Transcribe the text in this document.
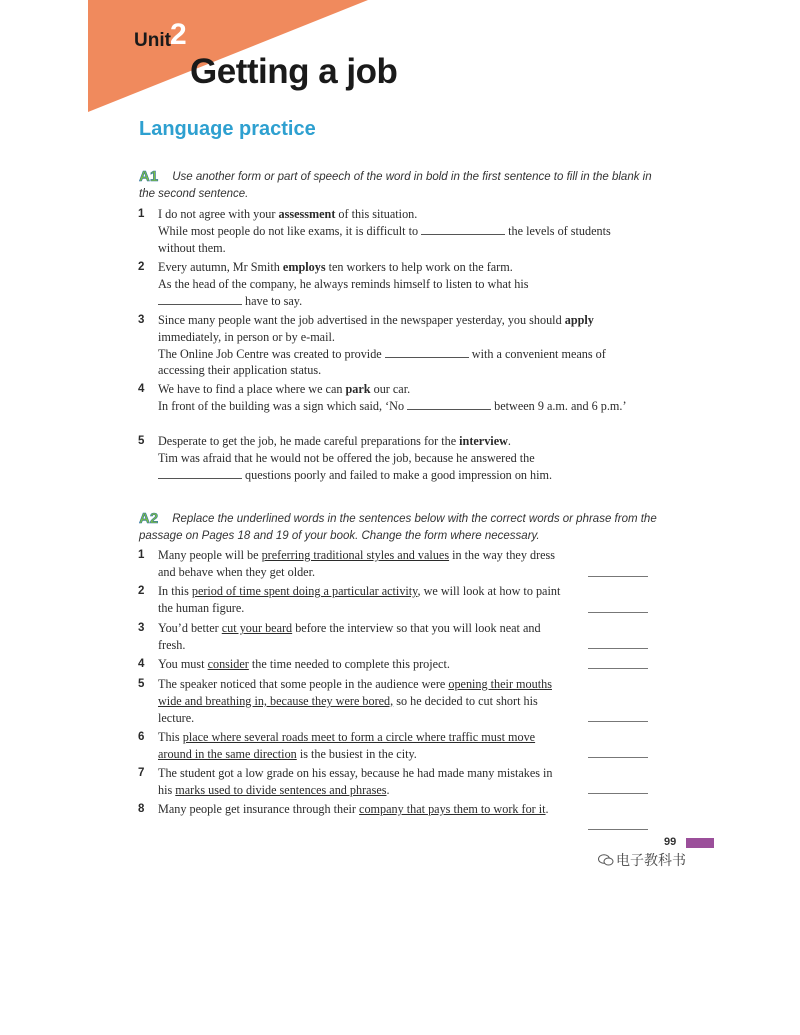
Unit 2
Getting a job
Language practice
A1 Use another form or part of speech of the word in bold in the first sentence to fill in the blank in the second sentence.
1 I do not agree with your assessment of this situation.
While most people do not like exams, it is difficult to	the levels of students without them.
2 Every autumn, Mr Smith employs ten workers to help work on the farm.
As the head of the company, he always reminds himself to listen to what his
have to say.
3 Since many people want the job advertised in the newspaper yesterday, you should apply immediately, in person or by e-mail.
The Online Job Centre was created to provide	with a convenient means of accessing their application status.
4 We have to find a place where we can park our car.
In front of the building was a sign which said, ‘No	between 9 a.m. and 6 p.m.’
5 Desperate to get the job, he made careful preparations for the interview.
Tim was afraid that he would not be offered the job, because he answered the
questions poorly and failed to make a good impression on him.
A2 Replace the underlined words in the sentences below with the correct words or phrase from the passage on Pages 18 and 19 of your book. Change the form where necessary.
1 Many people will be preferring traditional styles and values in the way they dress and behave when they get older.
2 In this period of time spent doing a particular activity, we will look at how to paint the human figure.
3 You’d better cut your beard before the interview so that you will look neat and fresh.
4 You must consider the time needed to complete this project.
5 The speaker noticed that some people in the audience were opening their mouths wide and breathing in, because they were bored, so he decided to cut short his lecture.
6 This place where several roads meet to form a circle where traffic must move around in the same direction is the busiest in the city.
7 The student got a low grade on his essay, because he had made many mistakes in his marks used to divide sentences and phrases.
8 Many people get insurance through their company that pays them to work for it.
99
电子教科书
